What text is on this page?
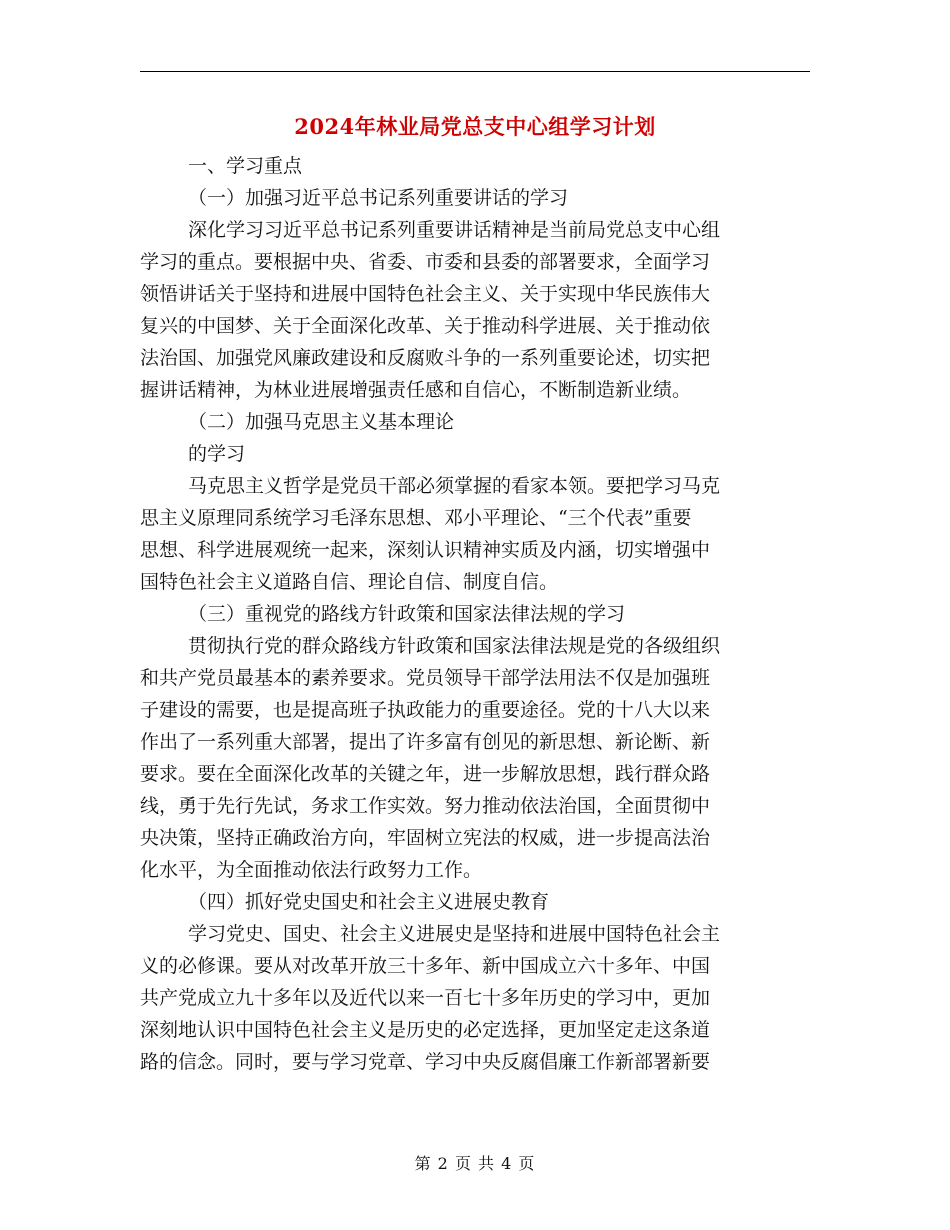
2024年林业局党总支中心组学习计划
一、学习重点
（一）加强习近平总书记系列重要讲话的学习
深化学习习近平总书记系列重要讲话精神是当前局党总支中心组
学习的重点。要根据中央、省委、市委和县委的部署要求，全面学习
领悟讲话关于坚持和进展中国特色社会主义、关于实现中华民族伟大
复兴的中国梦、关于全面深化改革、关于推动科学进展、关于推动依
法治国、加强党风廉政建设和反腐败斗争的一系列重要论述，切实把
握讲话精神，为林业进展增强责任感和自信心，不断制造新业绩。
（二）加强马克思主义基本理论
的学习
马克思主义哲学是党员干部必须掌握的看家本领。要把学习马克
思主义原理同系统学习毛泽东思想、邓小平理论、“三个代表”重要
思想、科学进展观统一起来，深刻认识精神实质及内涵，切实增强中
国特色社会主义道路自信、理论自信、制度自信。
（三）重视党的路线方针政策和国家法律法规的学习
贯彻执行党的群众路线方针政策和国家法律法规是党的各级组织
和共产党员最基本的素养要求。党员领导干部学法用法不仅是加强班
子建设的需要，也是提高班子执政能力的重要途径。党的十八大以来
作出了一系列重大部署，提出了许多富有创见的新思想、新论断、新
要求。要在全面深化改革的关键之年，进一步解放思想，践行群众路
线，勇于先行先试，务求工作实效。努力推动依法治国，全面贯彻中
央决策，坚持正确政治方向，牢固树立宪法的权威，进一步提高法治
化水平，为全面推动依法行政努力工作。
（四）抓好党史国史和社会主义进展史教育
学习党史、国史、社会主义进展史是坚持和进展中国特色社会主
义的必修课。要从对改革开放三十多年、新中国成立六十多年、中国
共产党成立九十多年以及近代以来一百七十多年历史的学习中，更加
深刻地认识中国特色社会主义是历史的必定选择，更加坚定走这条道
路的信念。同时，要与学习党章、学习中央反腐倡廉工作新部署新要
第 2 页 共 4 页
